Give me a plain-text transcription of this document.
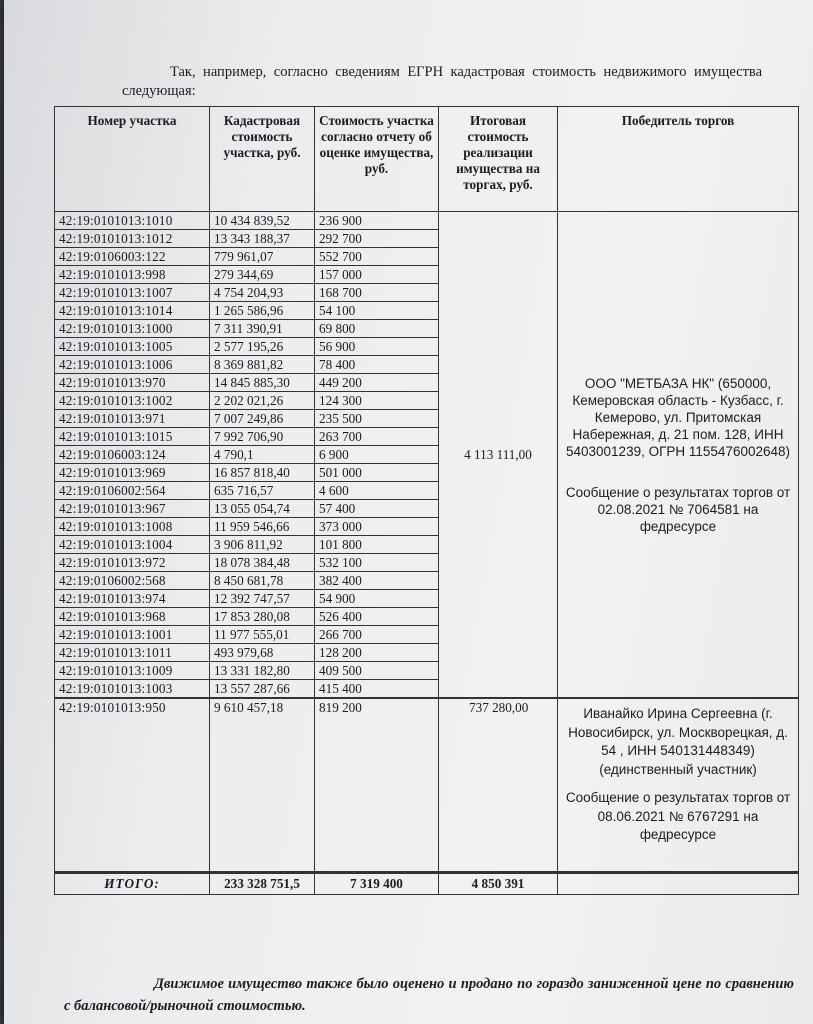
Так, например, согласно сведениям ЕГРН кадастровая стоимость недвижимого имущества следующая:

Номер участка	Кадастровая стоимость участка, руб.	Стоимость участка согласно отчету об оценке имущества, руб.	Итоговая стоимость реализации имущества на торгах, руб.	Победитель торгов
42:19:0101013:1010	10 434 839,52	236 900	4 113 111,00	ООО "МЕТБАЗА НК" (650000, Кемеровская область - Кузбасс, г. Кемерово, ул. Притомская Набережная, д. 21 пом. 128, ИНН 5403001239, ОГРН 1155476002648)
Сообщение о результатах торгов от 02.08.2021 № 7064581 на федресурсе
42:19:0101013:1012	13 343 188,37	292 700		
42:19:0106003:122	779 961,07	552 700		
42:19:0101013:998	279 344,69	157 000		
42:19:0101013:1007	4 754 204,93	168 700		
42:19:0101013:1014	1 265 586,96	54 100		
42:19:0101013:1000	7 311 390,91	69 800		
42:19:0101013:1005	2 577 195,26	56 900		
42:19:0101013:1006	8 369 881,82	78 400		
42:19:0101013:970	14 845 885,30	449 200		
42:19:0101013:1002	2 202 021,26	124 300		
42:19:0101013:971	7 007 249,86	235 500		
42:19:0101013:1015	7 992 706,90	263 700		
42:19:0106003:124	4 790,1	6 900		
42:19:0101013:969	16 857 818,40	501 000		
42:19:0106002:564	635 716,57	4 600		
42:19:0101013:967	13 055 054,74	57 400		
42:19:0101013:1008	11 959 546,66	373 000		
42:19:0101013:1004	3 906 811,92	101 800		
42:19:0101013:972	18 078 384,48	532 100		
42:19:0106002:568	8 450 681,78	382 400		
42:19:0101013:974	12 392 747,57	54 900		
42:19:0101013:968	17 853 280,08	526 400		
42:19:0101013:1001	11 977 555,01	266 700		
42:19:0101013:1011	493 979,68	128 200		
42:19:0101013:1009	13 331 182,80	409 500		
42:19:0101013:1003	13 557 287,66	415 400		
42:19:0101013:950	9 610 457,18	819 200	737 280,00	Иванайко Ирина Сергеевна (г. Новосибирск, ул. Москворецкая, д. 54 , ИНН 540131448349) (единственный участник)
Сообщение о результатах торгов от 08.06.2021 № 6767291 на федресурсе
ИТОГО:	233 328 751,5	7 319 400	4 850 391	

Движимое имущество также было оценено и продано по гораздо заниженной цене по сравнению с балансовой/рыночной стоимостью.
